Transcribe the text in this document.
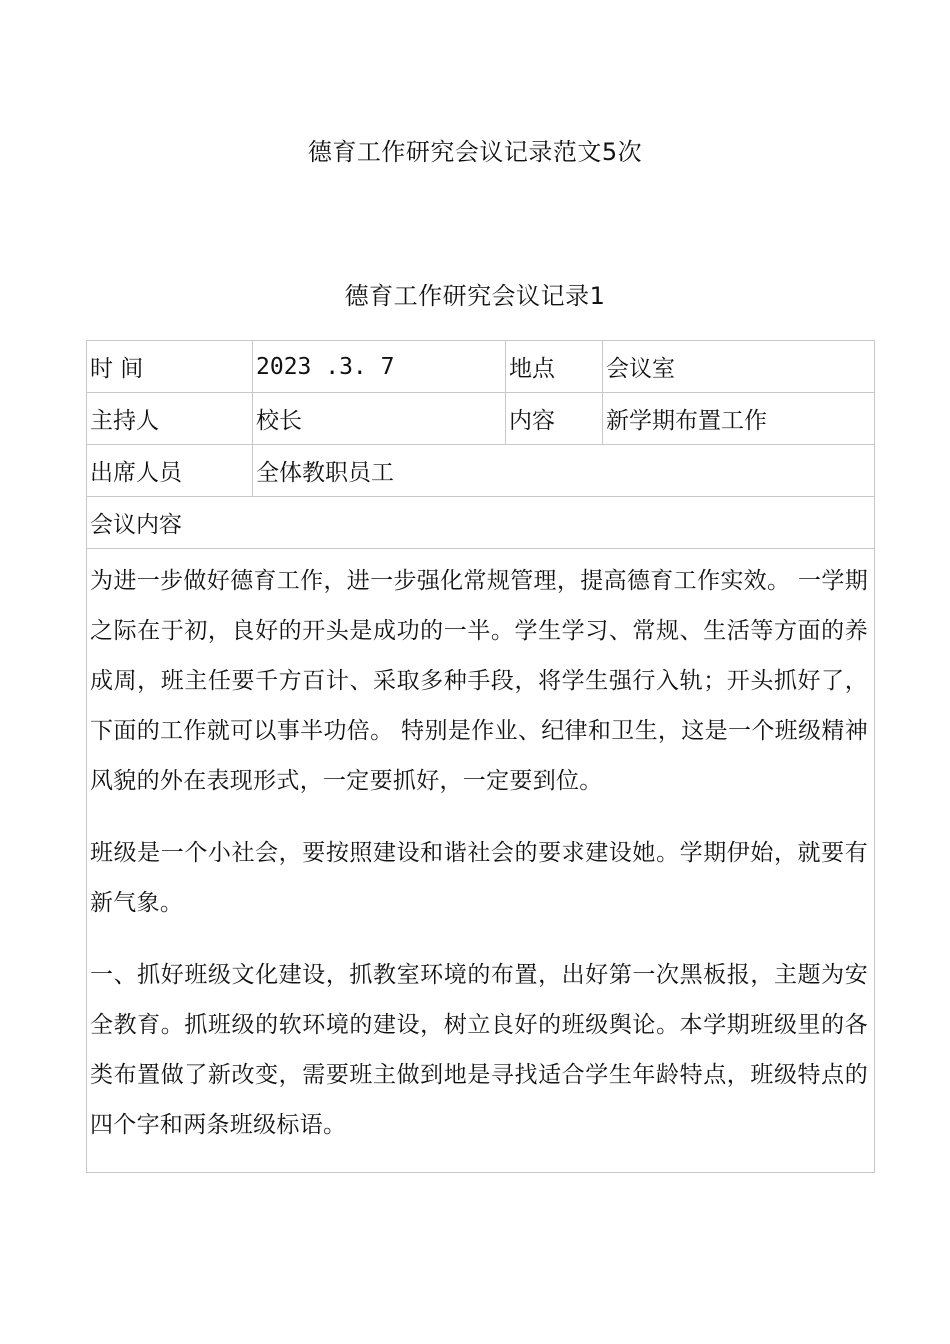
德育工作研究会议记录范文5次
德育工作研究会议记录1
时 间	2023 .3. 7	地点	会议室
主持人	校长	内容	新学期布置工作
出席人员	全体教职员工		
会议内容			

为进一步做好德育工作，进一步强化常规管理，提高德育工作实效。 一学期之际在于初，良好的开头是成功的一半。学生学习、常规、生活等方面的养成周，班主任要千方百计、采取多种手段，将学生强行入轨；开头抓好了，下面的工作就可以事半功倍。 特别是作业、纪律和卫生，这是一个班级精神风貌的外在表现形式，一定要抓好，一定要到位。

班级是一个小社会，要按照建设和谐社会的要求建设她。学期伊始，就要有新气象。

一、抓好班级文化建设，抓教室环境的布置，出好第一次黑板报，主题为安全教育。抓班级的软环境的建设，树立良好的班级舆论。本学期班级里的各类布置做了新改变，需要班主做到地是寻找适合学生年龄特点，班级特点的四个字和两条班级标语。			
